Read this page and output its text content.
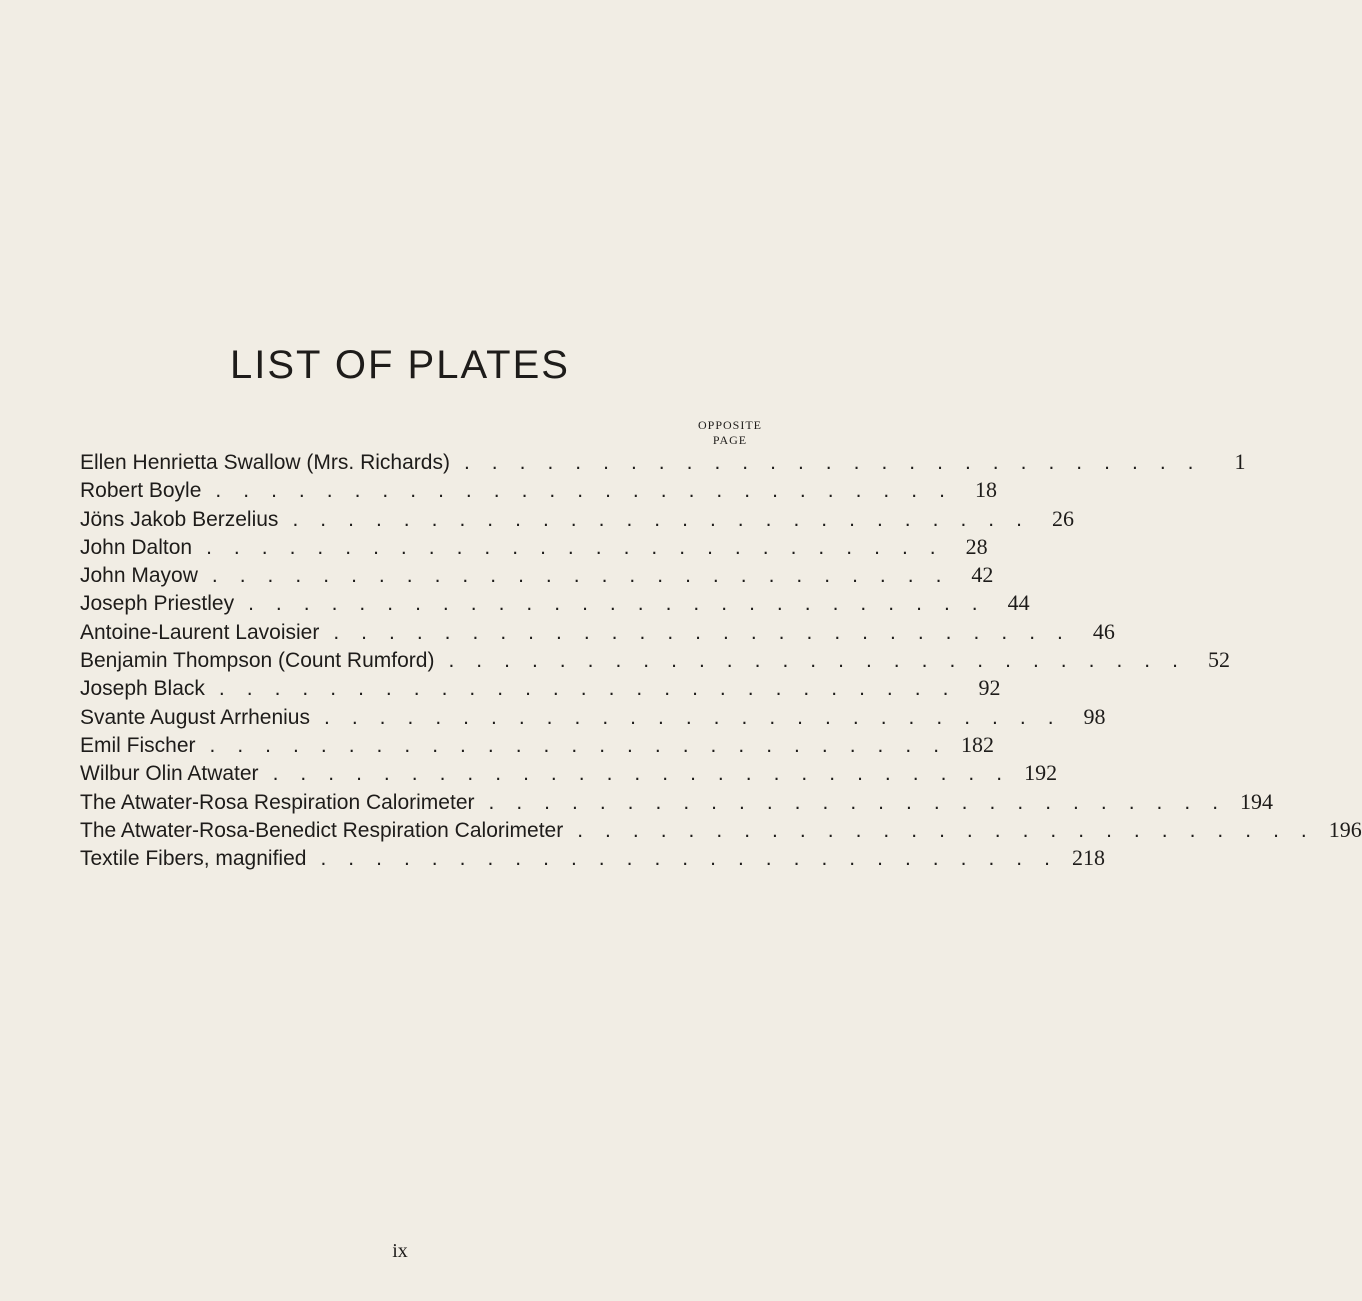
LIST OF PLATES
OPPOSITE
PAGE
Ellen Henrietta Swallow (Mrs. Richards) ........................... 1
Robert Boyle ........................... 18
Jöns Jakob Berzelius ........................... 26
John Dalton ........................... 28
John Mayow ........................... 42
Joseph Priestley ........................... 44
Antoine-Laurent Lavoisier ........................... 46
Benjamin Thompson (Count Rumford) ........................... 52
Joseph Black ........................... 92
Svante August Arrhenius ........................... 98
Emil Fischer ........................... 182
Wilbur Olin Atwater ........................... 192
The Atwater-Rosa Respiration Calorimeter ........................... 194
The Atwater-Rosa-Benedict Respiration Calorimeter ........................... 196
Textile Fibers, magnified ........................... 218
ix
